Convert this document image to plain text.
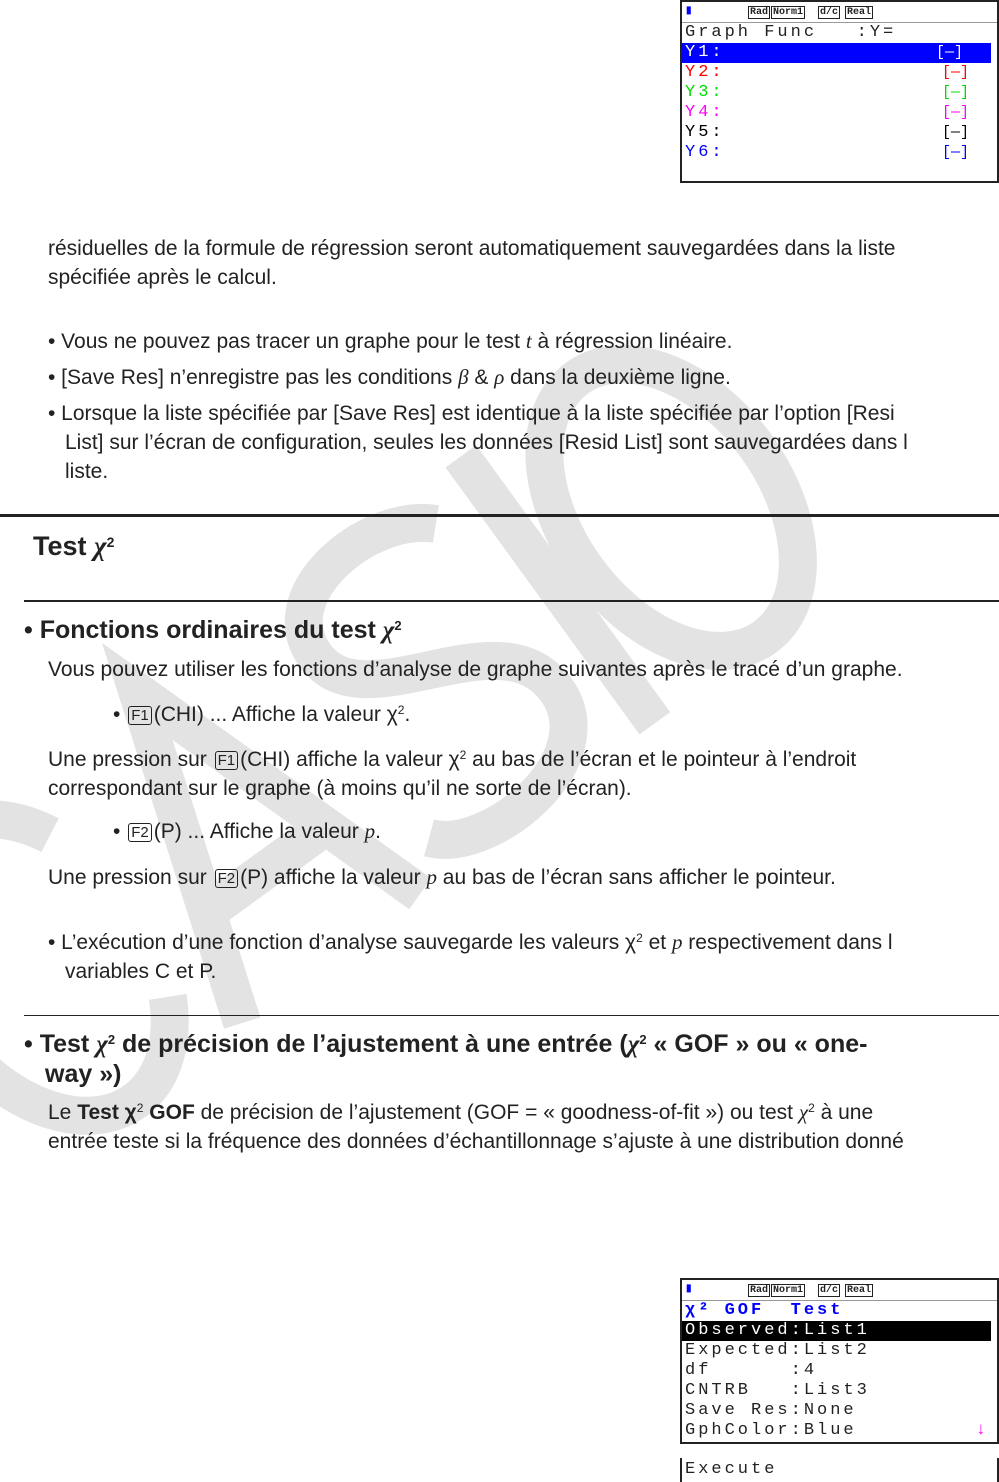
▮	Rad Norm1 d/c Real
Graph Func   :Y=
Y1:	[—]
Y2:	[—]
Y3:	[—]
Y4:	[—]
Y5:	[—]
Y6:	[—]
résiduelles de la formule de régression seront automatiquement sauvegardées dans la liste
spécifiée après le calcul.
• Vous ne pouvez pas tracer un graphe pour le test t à régression linéaire.
• [Save Res] n’enregistre pas les conditions β & ρ dans la deuxième ligne.
• Lorsque la liste spécifiée par [Save Res] est identique à la liste spécifiée par l’option [Resi
List] sur l’écran de configuration, seules les données [Resid List] sont sauvegardées dans l
liste.
Test $\chi^2$
• Fonctions ordinaires du test $\chi^2$
Vous pouvez utiliser les fonctions d’analyse de graphe suivantes après le tracé d’un graphe.
• F1 (CHI) ... Affiche la valeur $\chi^2$.
Une pression sur F1 (CHI) affiche la valeur $\chi^2$ au bas de l’écran et le pointeur à l’endroit
correspondant sur le graphe (à moins qu’il ne sorte de l’écran).
• F2 (P) ... Affiche la valeur p.
Une pression sur F2 (P) affiche la valeur p au bas de l’écran sans afficher le pointeur.
• L’exécution d’une fonction d’analyse sauvegarde les valeurs $\chi^2$ et p respectivement dans l
variables C et P.
• Test $\chi^2$ de précision de l’ajustement à une entrée ($\chi^2$ « GOF » ou « one-
way »)
Le Test $\chi^2$ GOF de précision de l’ajustement (GOF = « goodness-of-fit ») ou test $\chi^2$ à une
entrée teste si la fréquence des données d’échantillonnage s’ajuste à une distribution donné
▮	Rad Norm1 d/c Real
χ² GOF  Test
Observed:List1
Expected:List2
df      :4
CNTRB   :List3
Save Res:None
GphColor:Blue	↓
Execute
